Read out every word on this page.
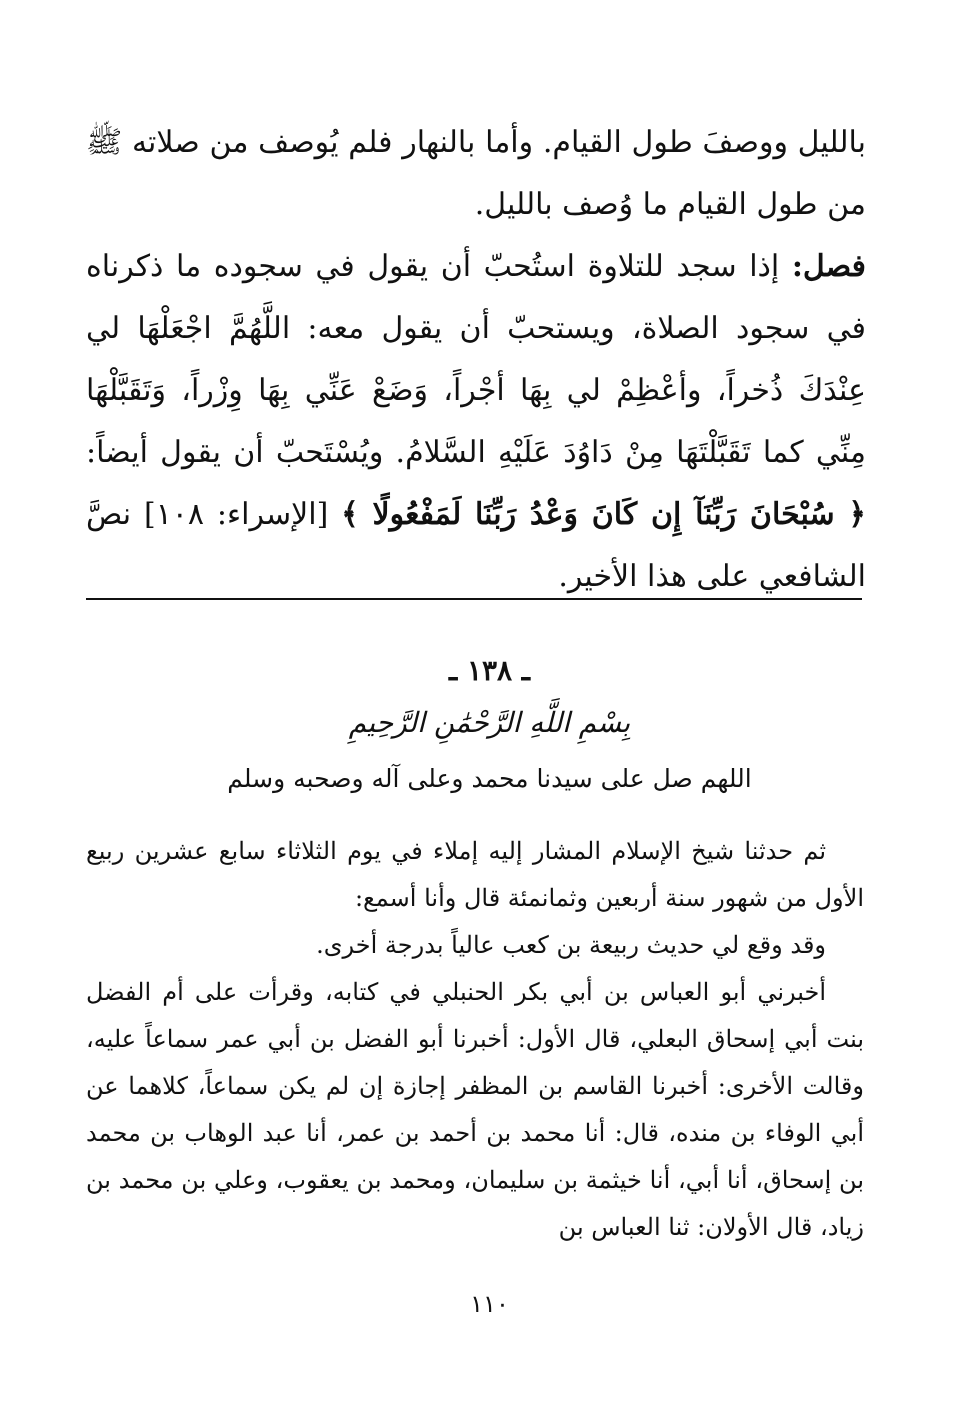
بالليل ووصفَ طول القيام. وأما بالنهار فلم يُوصف من صلاته ﷺ من طول القيام ما وُصف بالليل.

فصل: إذا سجد للتلاوة استُحبّ أن يقول في سجوده ما ذكرناه في سجود الصلاة، ويستحبّ أن يقول معه: اللَّهُمَّ اجْعَلْهَا لي عِنْدَكَ ذُخراً، وأعْظِمْ لي بِهَا أجْراً، وَضَعْ عَنِّي بِهَا وِزْراً، وَتَقَبَّلْهَا مِنِّي كما تَقَبَّلْتَهَا مِنْ دَاوُدَ عَلَيْهِ السَّلامُ. ويُسْتَحبّ أن يقول أيضاً: ﴿ سُبْحَانَ رَبِّنَآ إِن كَانَ وَعْدُ رَبِّنَا لَمَفْعُولًا ﴾ [الإسراء: ١٠٨] نصَّ الشافعي على هذا الأخير.

ـ ١٣٨ ـ
بِسْمِ اللَّهِ الرَّحْمَٰنِ الرَّحِيمِ
اللهم صل على سيدنا محمد وعلى آله وصحبه وسلم

ثم حدثنا شيخ الإسلام المشار إليه إملاء في يوم الثلاثاء سابع عشرين ربيع الأول من شهور سنة أربعين وثمانمئة قال وأنا أسمع:

وقد وقع لي حديث ربيعة بن كعب عالياً بدرجة أخرى.

أخبرني أبو العباس بن أبي بكر الحنبلي في كتابه، وقرأت على أم الفضل بنت أبي إسحاق البعلي، قال الأول: أخبرنا أبو الفضل بن أبي عمر سماعاً عليه، وقالت الأخرى: أخبرنا القاسم بن المظفر إجازة إن لم يكن سماعاً، كلاهما عن أبي الوفاء بن منده، قال: أنا محمد بن أحمد بن عمر، أنا عبد الوهاب بن محمد بن إسحاق، أنا أبي، أنا خيثمة بن سليمان، ومحمد بن يعقوب، وعلي بن محمد بن زياد، قال الأولان: ثنا العباس بن

١١٠
